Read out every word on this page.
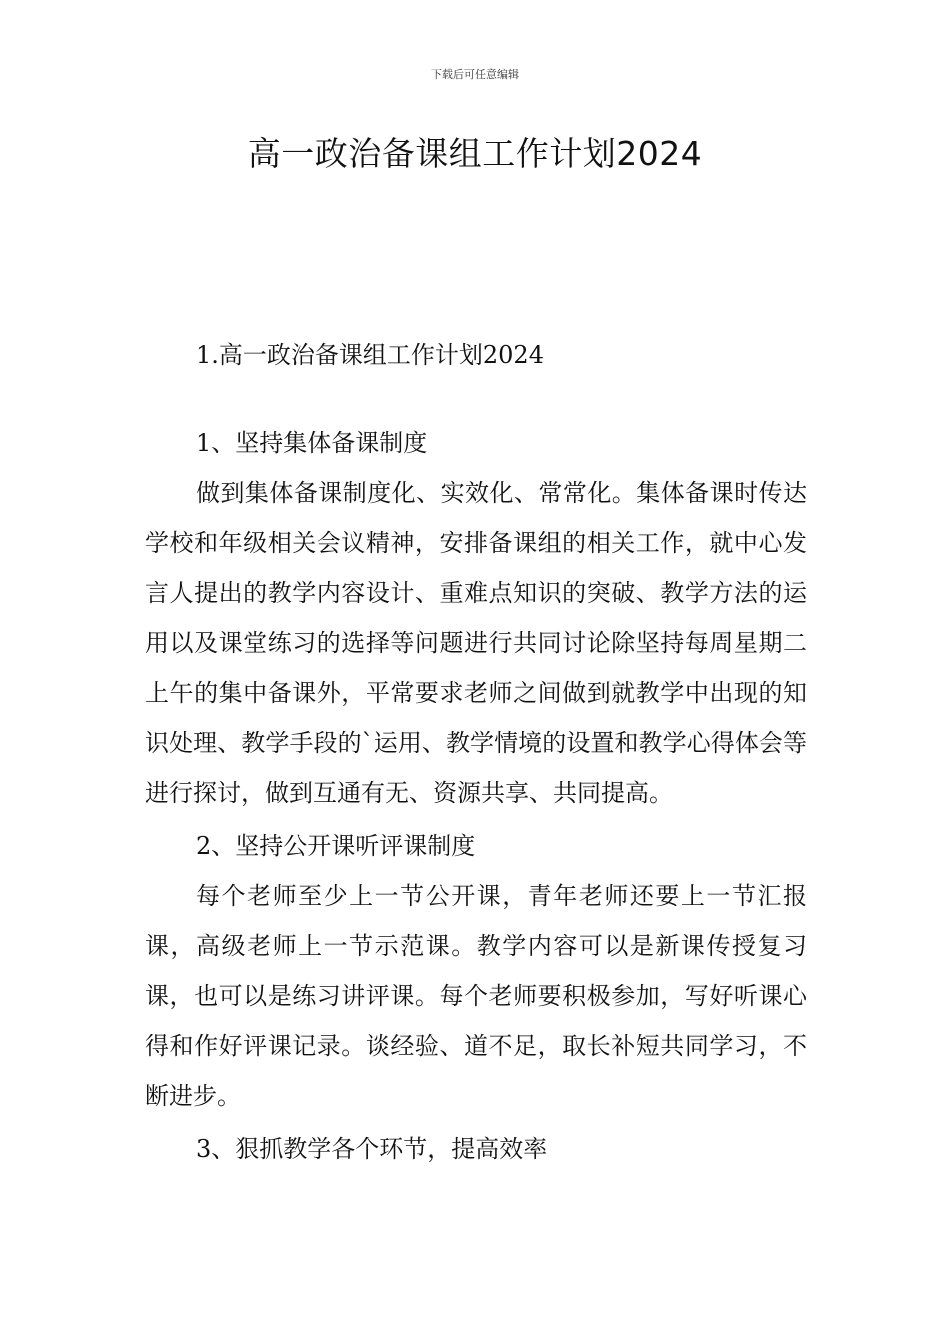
下载后可任意编辑
高一政治备课组工作计划2024

1.高一政治备课组工作计划2024

1、坚持集体备课制度

做到集体备课制度化、实效化、常常化。集体备课时传达学校和年级相关会议精神，安排备课组的相关工作，就中心发言人提出的教学内容设计、重难点知识的突破、教学方法的运用以及课堂练习的选择等问题进行共同讨论除坚持每周星期二上午的集中备课外，平常要求老师之间做到就教学中出现的知识处理、教学手段的`运用、教学情境的设置和教学心得体会等进行探讨，做到互通有无、资源共享、共同提高。

2、坚持公开课听评课制度

每个老师至少上一节公开课，青年老师还要上一节汇报课，高级老师上一节示范课。教学内容可以是新课传授复习课，也可以是练习讲评课。每个老师要积极参加，写好听课心得和作好评课记录。谈经验、道不足，取长补短共同学习，不断进步。

3、狠抓教学各个环节，提高效率
